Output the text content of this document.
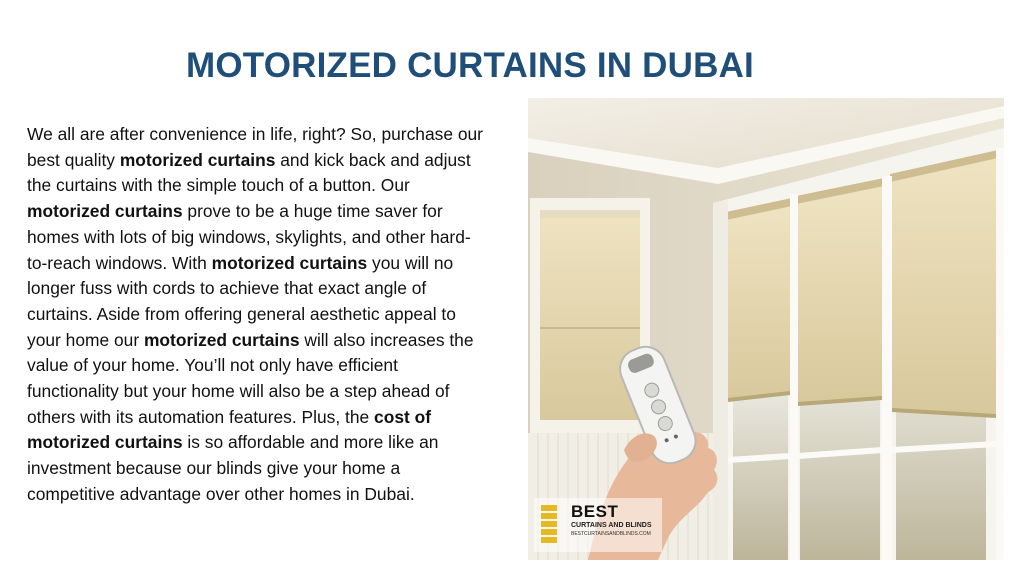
MOTORIZED CURTAINS IN DUBAI

We all are after convenience in life, right? So, purchase our best quality motorized curtains and kick back and adjust the curtains with the simple touch of a button. Our motorized curtains prove to be a huge time saver for homes with lots of big windows, skylights, and other hard-to-reach windows. With motorized curtains you will no longer fuss with cords to achieve that exact angle of curtains. Aside from offering general aesthetic appeal to your home our motorized curtains will also increases the value of your home. You’ll not only have efficient functionality but your home will also be a step ahead of others with its automation features. Plus, the cost of motorized curtains is so affordable and more like an investment because our blinds give your home a competitive advantage over other homes in Dubai.

BEST
CURTAINS AND BLINDS
BESTCURTAINSANDBLINDS.COM
